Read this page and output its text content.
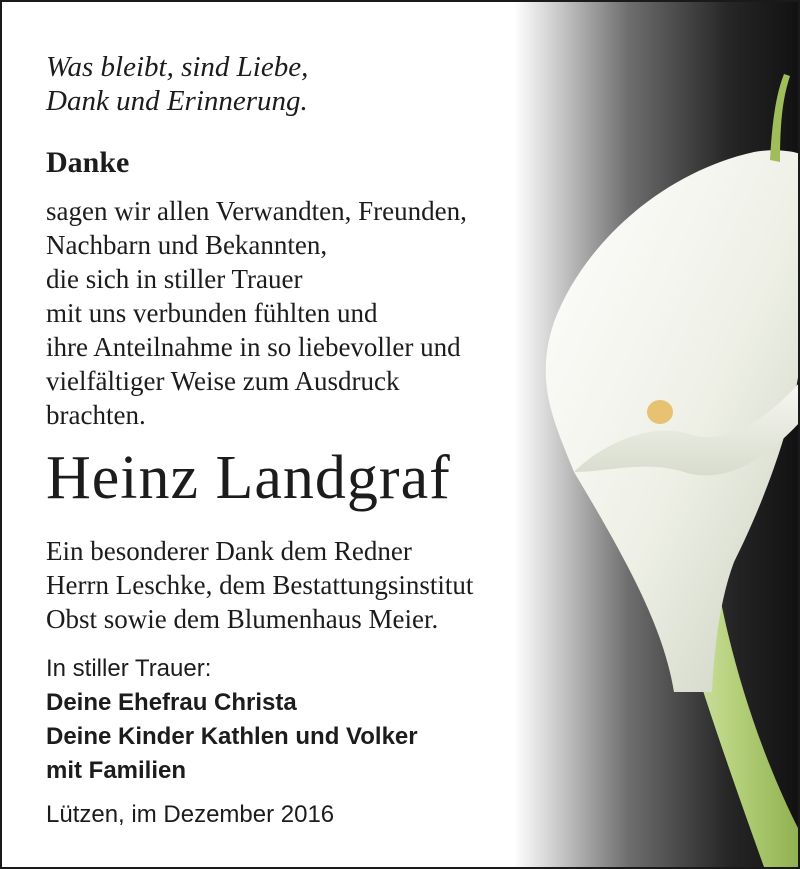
Was bleibt, sind Liebe,
Dank und Erinnerung.
Danke
sagen wir allen Verwandten, Freunden,
Nachbarn und Bekannten,
die sich in stiller Trauer
mit uns verbunden fühlten und
ihre Anteilnahme in so liebevoller und
vielfältiger Weise zum Ausdruck
brachten.
Heinz Landgraf
Ein besonderer Dank dem Redner
Herrn Leschke, dem Bestattungsinstitut
Obst sowie dem Blumenhaus Meier.
In stiller Trauer:
Deine Ehefrau Christa
Deine Kinder Kathlen und Volker
mit Familien
Lützen, im Dezember 2016
